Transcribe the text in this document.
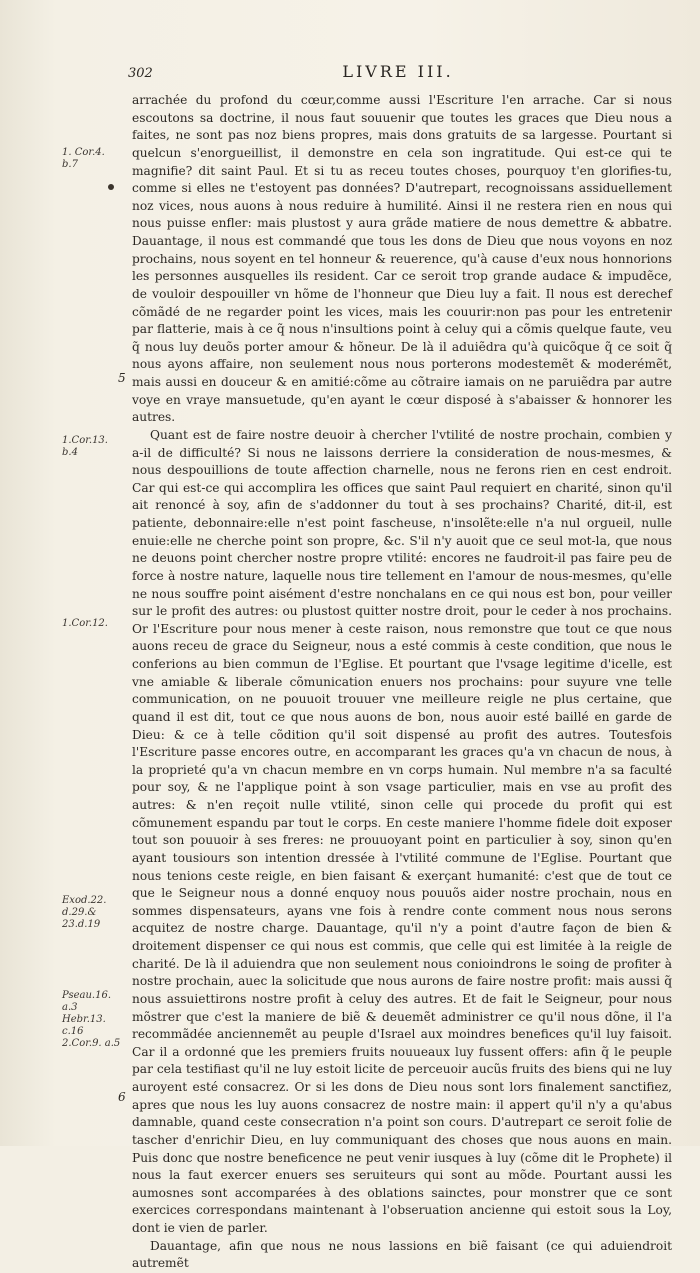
302	LIVRE III.
1. Cor.4. b.7
1.Cor.13. b.4
1.Cor.12.
Exod.22. d.29.& 23.d.19
Pseau.16. a.3 Hebr.13. c.16 2.Cor.9. a.5
5
6

arrachée du profond du cœur,comme aussi l'Escriture l'en arrache. Car si nous escoutons sa doctrine, il nous faut souuenir que toutes les graces que Dieu nous a faites, ne sont pas noz biens propres, mais dons gratuits de sa largesse. Pourtant si quelcun s'enorgueillist, il demonstre en cela son ingratitude. Qui est-ce qui te magnifie? dit saint Paul. Et si tu as receu toutes choses, pourquoy t'en glorifies-tu, comme si elles ne t'estoyent pas données? D'autrepart, recognoissans assiduellement noz vices, nous auons à nous reduire à humilité. Ainsi il ne restera rien en nous qui nous puisse enfler: mais plustost y aura grãde matiere de nous demettre & abbatre. Dauantage, il nous est commandé que tous les dons de Dieu que nous voyons en noz prochains, nous soyent en tel honneur & reuerence, qu'à cause d'eux nous honnorions les personnes ausquelles ils resident. Car ce seroit trop grande audace & impudẽce, de vouloir despouiller vn hõme de l'honneur que Dieu luy a fait. Il nous est derechef cõmãdé de ne regarder point les vices, mais les couurir:non pas pour les entretenir par flatterie, mais à ce q̃ nous n'insultions point à celuy qui a cõmis quelque faute, veu q̃ nous luy deuõs porter amour & hõneur. De là il aduiẽdra qu'à quicõque q̃ ce soit q̃ nous ayons affaire, non seulement nous nous porterons modestemẽt & moderémẽt, mais aussi en douceur & en amitié:cõme au cõtraire iamais on ne paruiẽdra par autre voye en vraye mansuetude, qu'en ayant le cœur disposé à s'abaisser & honnorer les autres.

Quant est de faire nostre deuoir à chercher l'vtilité de nostre prochain, combien y a-il de difficulté? Si nous ne laissons derriere la consideration de nous-mesmes, & nous despouillions de toute affection charnelle, nous ne ferons rien en cest endroit. Car qui est-ce qui accomplira les offices que saint Paul requiert en charité, sinon qu'il ait renoncé à soy, afin de s'addonner du tout à ses prochains? Charité, dit-il, est patiente, debonnaire:elle n'est point fascheuse, n'insolẽte:elle n'a nul orgueil, nulle enuie:elle ne cherche point son propre, &c. S'il n'y auoit que ce seul mot-la, que nous ne deuons point chercher nostre propre vtilité: encores ne faudroit-il pas faire peu de force à nostre nature, laquelle nous tire tellement en l'amour de nous-mesmes, qu'elle ne nous souffre point aisément d'estre nonchalans en ce qui nous est bon, pour veiller sur le profit des autres: ou plustost quitter nostre droit, pour le ceder à nos prochains. Or l'Escriture pour nous mener à ceste raison, nous remonstre que tout ce que nous auons receu de grace du Seigneur, nous a esté commis à ceste condition, que nous le conferions au bien commun de l'Eglise. Et pourtant que l'vsage legitime d'icelle, est vne amiable & liberale cõmunication enuers nos prochains: pour suyure vne telle communication, on ne pouuoit trouuer vne meilleure reigle ne plus certaine, que quand il est dit, tout ce que nous auons de bon, nous auoir esté baillé en garde de Dieu: & ce à telle cõdition qu'il soit dispensé au profit des autres. Toutesfois l'Escriture passe encores outre, en accomparant les graces qu'a vn chacun de nous, à la proprieté qu'a vn chacun membre en vn corps humain. Nul membre n'a sa faculté pour soy, & ne l'applique point à son vsage particulier, mais en vse au profit des autres: & n'en reçoit nulle vtilité, sinon celle qui procede du profit qui est cõmunement espandu par tout le corps. En ceste maniere l'homme fidele doit exposer tout son pouuoir à ses freres: ne prouuoyant point en particulier à soy, sinon qu'en ayant tousiours son intention dressée à l'vtilité commune de l'Eglise. Pourtant que nous tenions ceste reigle, en bien faisant & exerçant humanité: c'est que de tout ce que le Seigneur nous a donné enquoy nous pouuõs aider nostre prochain, nous en sommes dispensateurs, ayans vne fois à rendre conte comment nous nous serons acquitez de nostre charge. Dauantage, qu'il n'y a point d'autre façon de bien & droitement dispenser ce qui nous est commis, que celle qui est limitée à la reigle de charité. De là il aduiendra que non seulement nous conioindrons le soing de profiter à nostre prochain, auec la solicitude que nous aurons de faire nostre profit: mais aussi q̃ nous assuiettirons nostre profit à celuy des autres. Et de fait le Seigneur, pour nous mõstrer que c'est la maniere de biẽ & deuemẽt administrer ce qu'il nous dõne, il l'a recommãdée anciennemẽt au peuple d'Israel aux moindres benefices qu'il luy faisoit. Car il a ordonné que les premiers fruits nouueaux luy fussent offers: afin q̃ le peuple par cela testifiast qu'il ne luy estoit licite de perceuoir aucũs fruits des biens qui ne luy auroyent esté consacrez. Or si les dons de Dieu nous sont lors finalement sanctifiez, apres que nous les luy auons consacrez de nostre main: il appert qu'il n'y a qu'abus damnable, quand ceste consecration n'a point son cours. D'autrepart ce seroit folie de tascher d'enrichir Dieu, en luy communiquant des choses que nous auons en main. Puis donc que nostre beneficence ne peut venir iusques à luy (cõme dit le Prophete) il nous la faut exercer enuers ses seruiteurs qui sont au mõde. Pourtant aussi les aumosnes sont accomparées à des oblations sainctes, pour monstrer que ce sont exercices correspondans maintenant à l'obseruation ancienne qui estoit sous la Loy, dont ie vien de parler.

Dauantage, afin que nous ne nous lassions en biẽ faisant (ce qui aduiendroit autremẽt
